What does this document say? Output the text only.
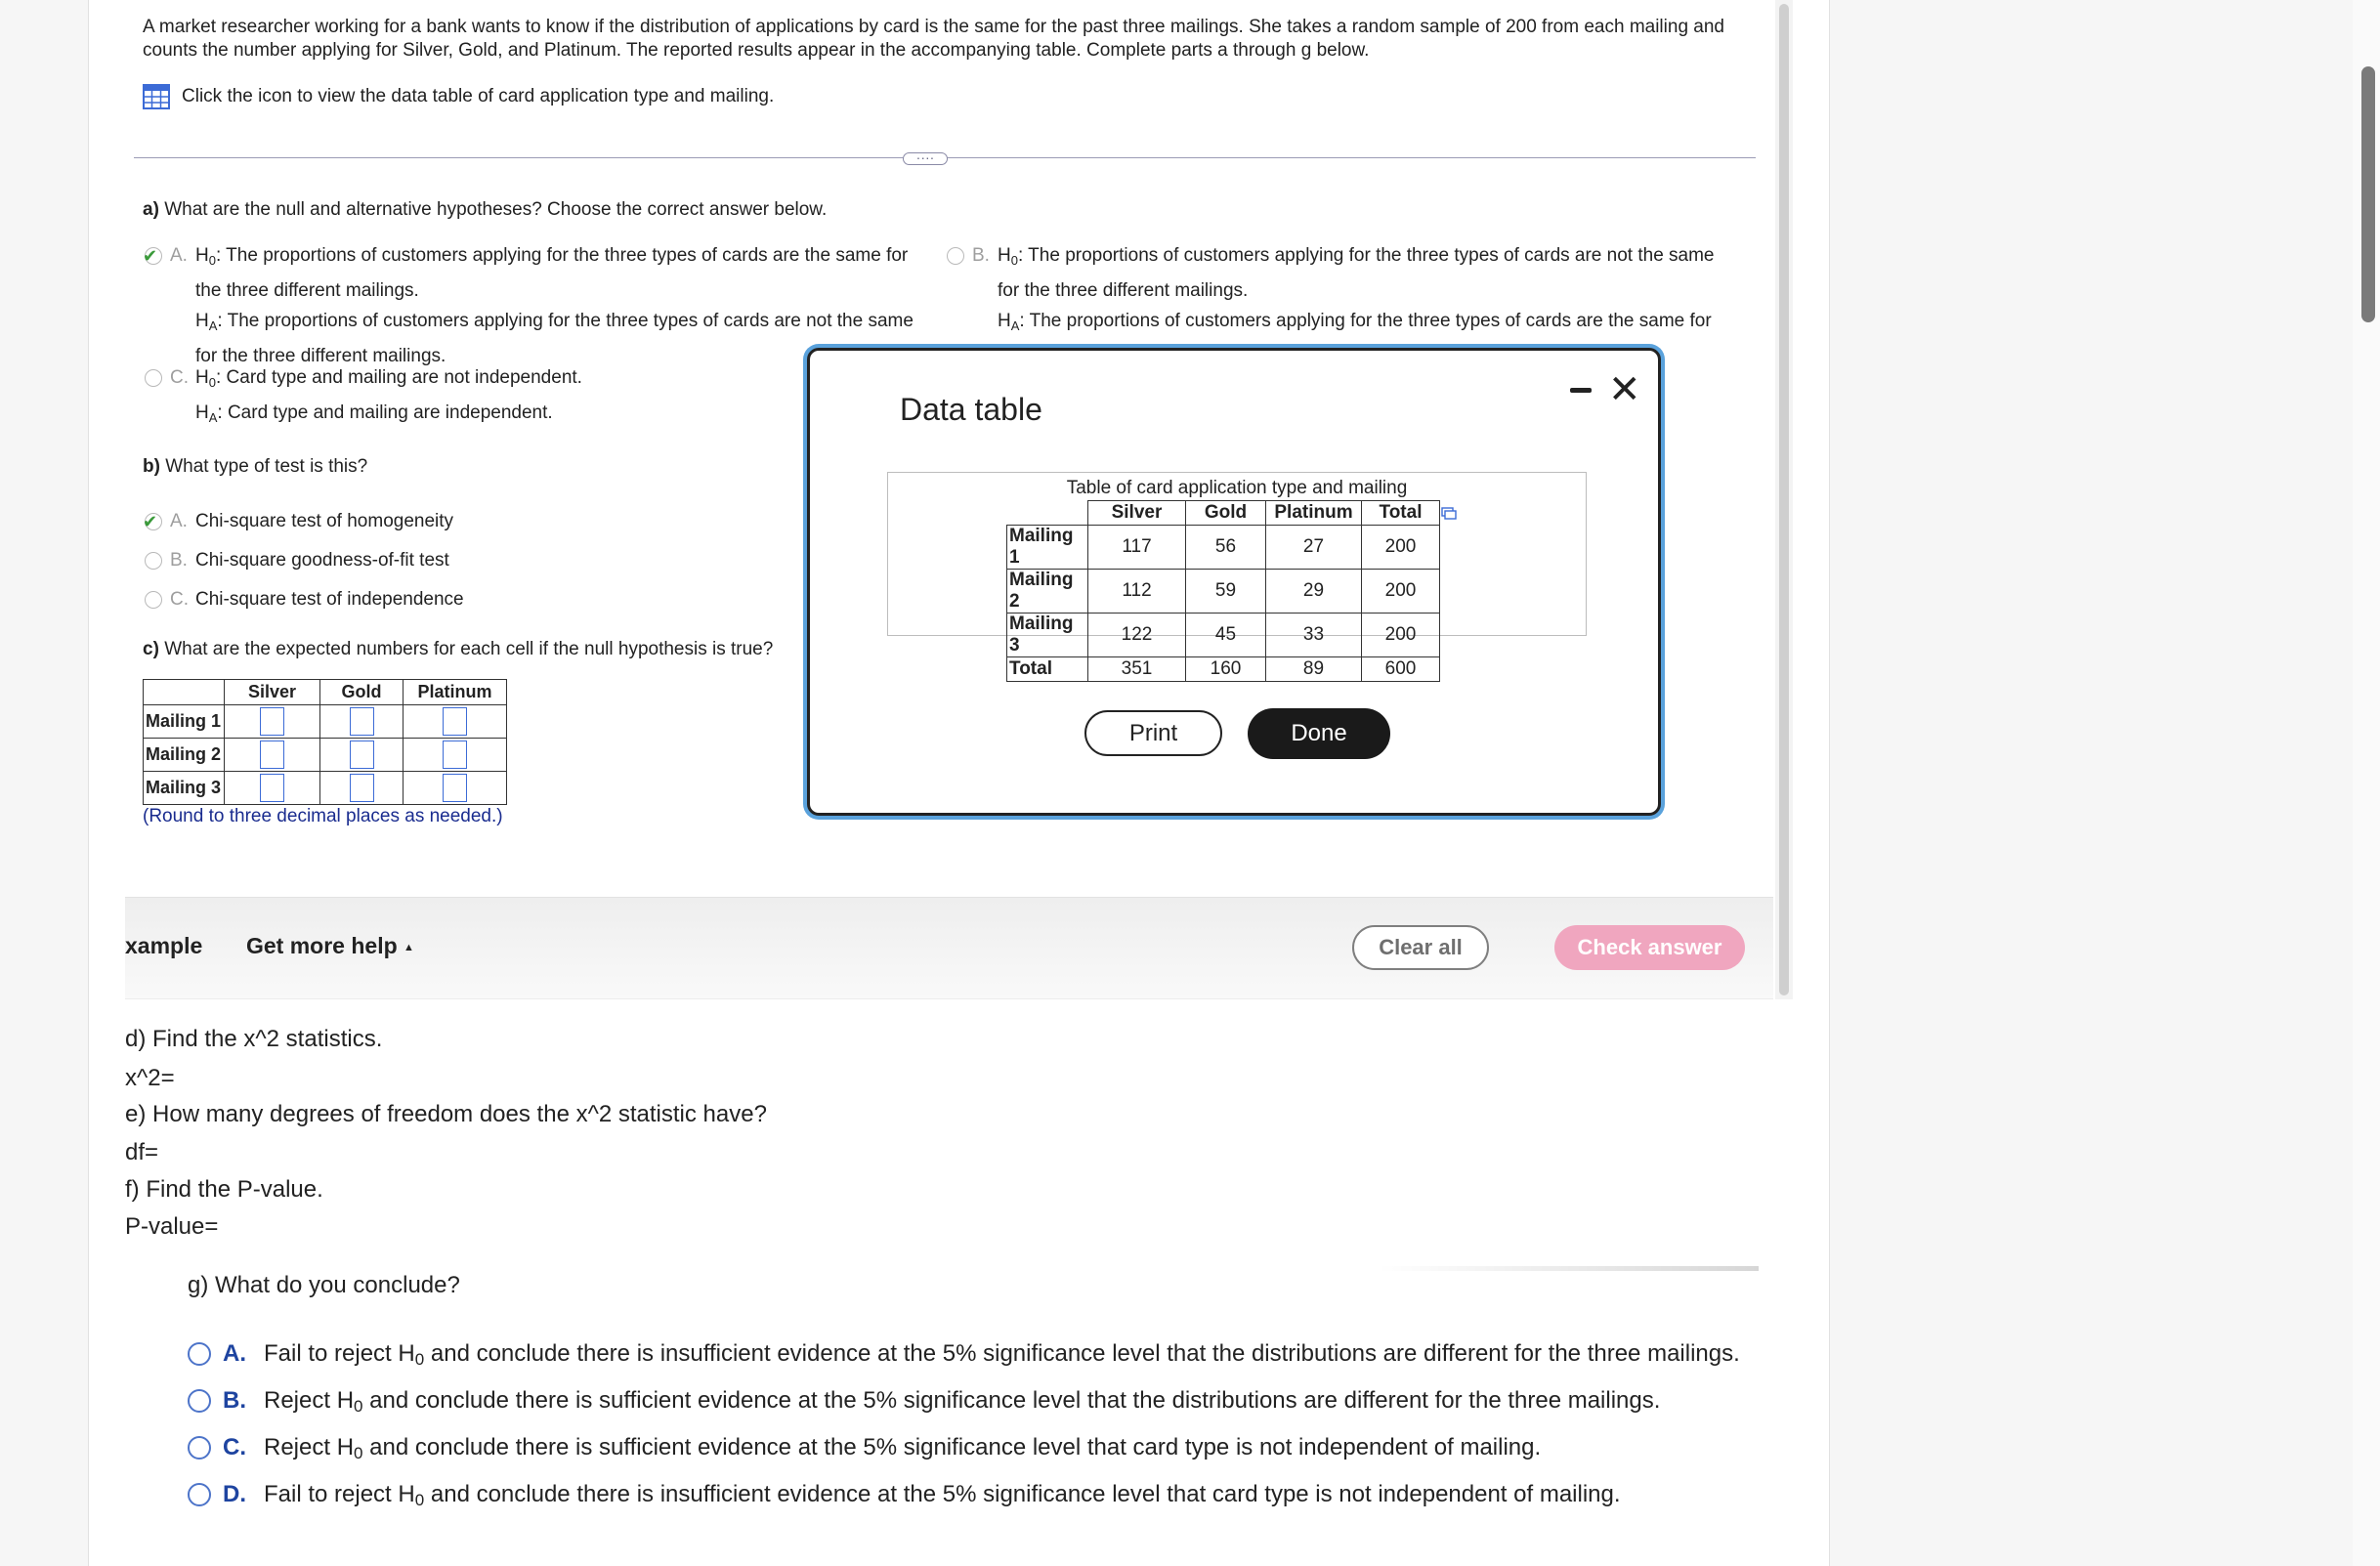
A market researcher working for a bank wants to know if the distribution of applications by card is the same for the past three mailings. She takes a random sample of 200 from each mailing and counts the number applying for Silver, Gold, and Platinum. The reported results appear in the accompanying table. Complete parts a through g below.
Click the icon to view the data table of card application type and mailing.
····
a) What are the null and alternative hypotheses? Choose the correct answer below.
✔ A. $H_0$: The proportions of customers applying for the three types of cards are the same for the three different mailings.
$H_A$: The proportions of customers applying for the three types of cards are not the same for the three different mailings.
B. $H_0$: The proportions of customers applying for the three types of cards are not the same for the three different mailings.
$H_A$: The proportions of customers applying for the three types of cards are the same for
C. $H_0$: Card type and mailing are not independent.
$H_A$: Card type and mailing are independent.
b) What type of test is this?
✔ A. Chi-square test of homogeneity
B. Chi-square goodness-of-fit test
C. Chi-square test of independence
c) What are the expected numbers for each cell if the null hypothesis is true?
	Silver	Gold	Platinum
Mailing 1			
Mailing 2			
Mailing 3			
(Round to three decimal places as needed.)
xample Get more help ▲	Clear all	Check answer
d) Find the x^2 statistics.
x^2=
e) How many degrees of freedom does the x^2 statistic have?
df=
f) Find the P-value.
P-value=
g) What do you conclude?
A. Fail to reject $H_0$ and conclude there is insufficient evidence at the 5% significance level that the distributions are different for the three mailings.
B. Reject $H_0$ and conclude there is sufficient evidence at the 5% significance level that the distributions are different for the three mailings.
C. Reject $H_0$ and conclude there is sufficient evidence at the 5% significance level that card type is not independent of mailing.
D. Fail to reject $H_0$ and conclude there is insufficient evidence at the 5% significance level that card type is not independent of mailing.
Data table	✕
Table of card application type and mailing
	Silver	Gold	Platinum	Total
Mailing 1	117	56	27	200
Mailing 2	112	59	29	200
Mailing 3	122	45	33	200
Total	351	160	89	600
Print	Done
